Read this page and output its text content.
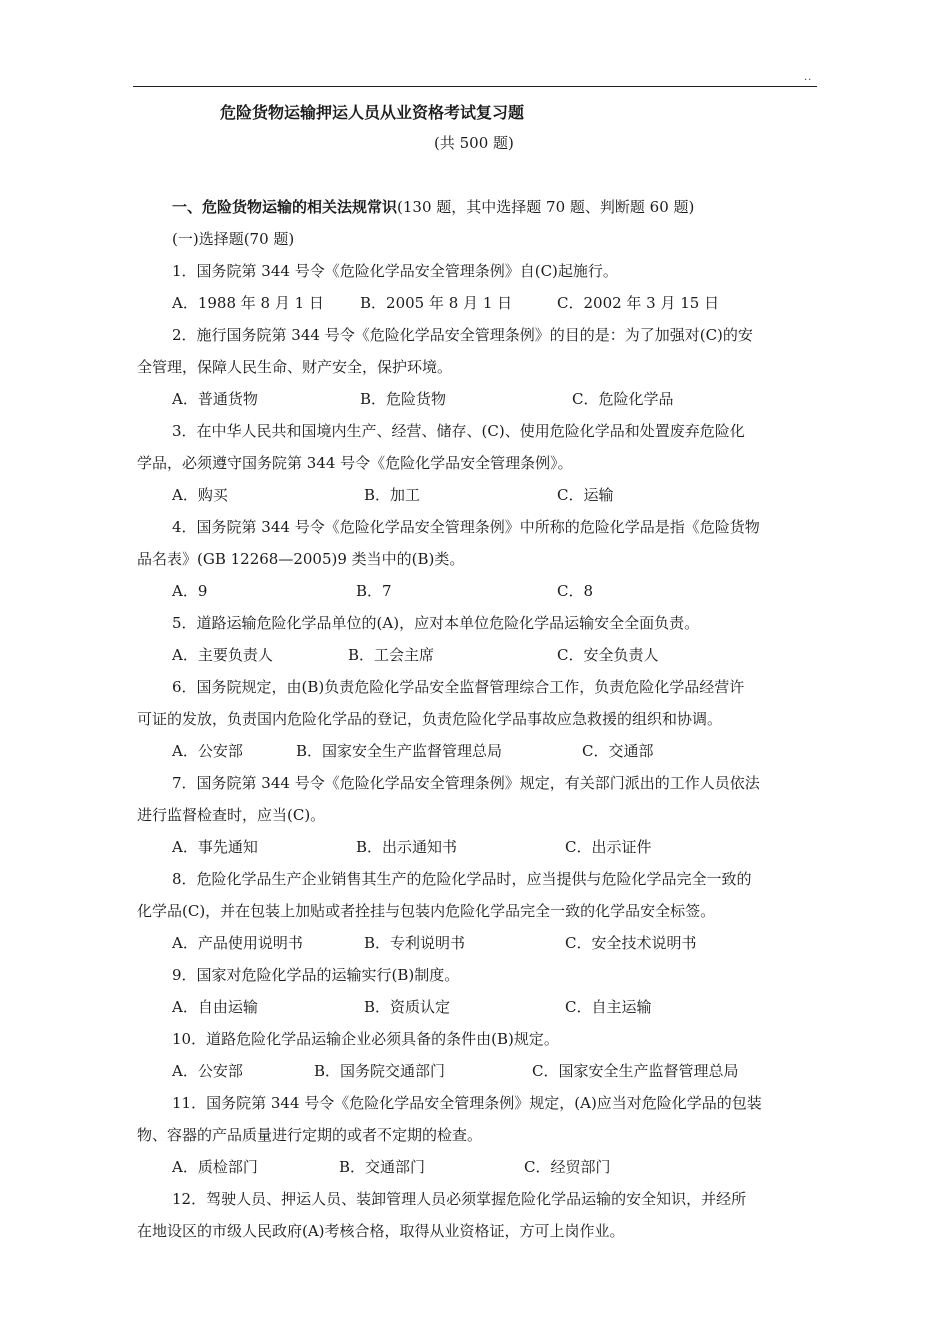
..
危险货物运输押运人员从业资格考试复习题
(共 500 题)
一、危险货物运输的相关法规常识(130 题，其中选择题 70 题、判断题 60 题)
(一)选择题(70 题)
1．国务院第 344 号令《危险化学品安全管理条例》自(C)起施行。
A．1988 年 8 月 1 日 B．2005 年 8 月 1 日	C．2002 年 3 月 15 日
2．施行国务院第 344 号令《危险化学品安全管理条例》的目的是：为了加强对(C)的安
全管理，保障人民生命、财产安全，保护环境。
A．普通货物	B．危险货物	C．危险化学品
3．在中华人民共和国境内生产、经营、储存、(C)、使用危险化学品和处置废弃危险化
学品，必须遵守国务院第 344 号令《危险化学品安全管理条例》。
A．购买	B．加工	C．运输
4．国务院第 344 号令《危险化学品安全管理条例》中所称的危险化学品是指《危险货物
品名表》(GB 12268—2005)9 类当中的(B)类。
A．9	B．7	C．8
5．道路运输危险化学品单位的(A)，应对本单位危险化学品运输安全全面负责。
A．主要负责人	B．工会主席	C．安全负责人
6．国务院规定，由(B)负责危险化学品安全监督管理综合工作，负责危险化学品经营许
可证的发放，负责国内危险化学品的登记，负责危险化学品事故应急救援的组织和协调。
A．公安部	B．国家安全生产监督管理总局	C．交通部
7．国务院第 344 号令《危险化学品安全管理条例》规定，有关部门派出的工作人员依法
进行监督检查时，应当(C)。
A．事先通知	B．出示通知书	C．出示证件
8．危险化学品生产企业销售其生产的危险化学品时，应当提供与危险化学品完全一致的
化学品(C)，并在包装上加贴或者拴挂与包装内危险化学品完全一致的化学品安全标签。
A．产品使用说明书	B．专利说明书	C．安全技术说明书
9．国家对危险化学品的运输实行(B)制度。
A．自由运输	B．资质认定	C．自主运输
10．道路危险化学品运输企业必须具备的条件由(B)规定。
A．公安部	B．国务院交通部门	C．国家安全生产监督管理总局
11．国务院第 344 号令《危险化学品安全管理条例》规定，(A)应当对危险化学品的包装
物、容器的产品质量进行定期的或者不定期的检查。
A．质检部门	B．交通部门	C．经贸部门
12．驾驶人员、押运人员、装卸管理人员必须掌握危险化学品运输的安全知识，并经所
在地设区的市级人民政府(A)考核合格，取得从业资格证，方可上岗作业。
